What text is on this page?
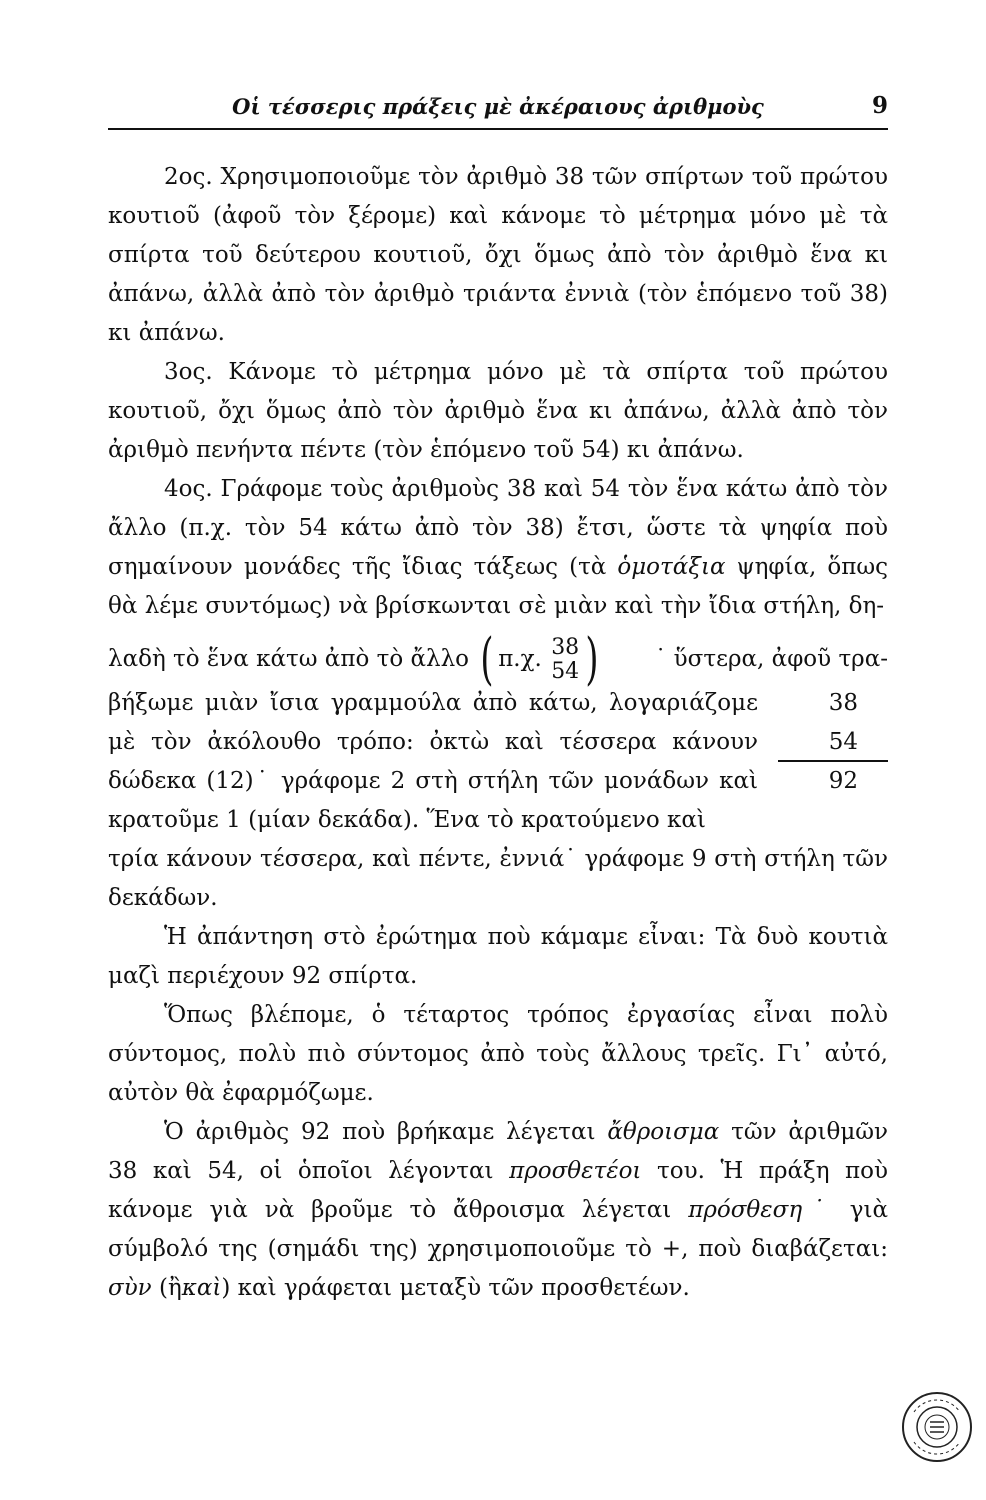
Οἱ τέσσερις πράξεις μὲ ἀκέραιους ἀριθμοὺς	9

2ος. Χρησιμοποιοῦμε τὸν ἀριθμὸ 38 τῶν σπίρτων τοῦ πρώτου κουτιοῦ (ἀφοῦ τὸν ξέρομε) καὶ κάνομε τὸ μέτρημα μόνο μὲ τὰ σπίρτα τοῦ δεύτερου κουτιοῦ, ὄχι ὅμως ἀπὸ τὸν ἀριθμὸ ἕνα κι ἀπάνω, ἀλλὰ ἀπὸ τὸν ἀριθμὸ τριάντα ἐννιὰ (τὸν ἑπόμενο τοῦ 38) κι ἀπάνω.

3ος. Κάνομε τὸ μέτρημα μόνο μὲ τὰ σπίρτα τοῦ πρώτου κουτιοῦ, ὄχι ὅμως ἀπὸ τὸν ἀριθμὸ ἕνα κι ἀπάνω, ἀλλὰ ἀπὸ τὸν ἀριθμὸ πενήντα πέντε (τὸν ἑπόμενο τοῦ 54) κι ἀπάνω.

4ος. Γράφομε τοὺς ἀριθμοὺς 38 καὶ 54 τὸν ἕνα κάτω ἀπὸ τὸν ἄλλο (π.χ. τὸν 54 κάτω ἀπὸ τὸν 38) ἔτσι, ὥστε τὰ ψηφία ποὺ σημαίνουν μονάδες τῆς ἴδιας τάξεως (τὰ ὁμοτάξια ψηφία, ὅπως θὰ λέμε συντόμως) νὰ βρίσκωνται σὲ μιὰν καὶ τὴν ἴδια στήλη, δη-

λαδὴ τὸ ἕνα κάτω ἀπὸ τὸ ἄλλο ( π.χ. 38
54 ) ˙ ὕστερα, ἀφοῦ τρα-

βήξωμε μιὰν ἴσια γραμμούλα ἀπὸ κάτω, λογαριάζομε μὲ τὸν ἀκόλουθο τρόπο: ὀκτὼ καὶ τέσσερα κάνουν δώδεκα (12)˙ γράφομε 2 στὴ στήλη τῶν μονάδων καὶ κρατοῦμε 1 (μίαν δεκάδα). Ἕνα τὸ κρατούμενο καὶ

38
54
92

τρία κάνουν τέσσερα, καὶ πέντε, ἐννιά˙ γράφομε 9 στὴ στήλη τῶν δεκάδων.

Ἡ ἀπάντηση στὸ ἐρώτημα ποὺ κάμαμε εἶναι: Τὰ δυὸ κουτιὰ μαζὶ περιέχουν 92 σπίρτα.

Ὅπως βλέπομε, ὁ τέταρτος τρόπος ἐργασίας εἶναι πολὺ σύντομος, πολὺ πιὸ σύντομος ἀπὸ τοὺς ἄλλους τρεῖς. Γι᾽ αὐτό, αὐτὸν θὰ ἐφαρμόζωμε.

Ὁ ἀριθμὸς 92 ποὺ βρήκαμε λέγεται ἄθροισμα τῶν ἀριθμῶν 38 καὶ 54, οἱ ὁποῖοι λέγονται προσθετέοι του. Ἡ πράξη ποὺ κάνομε γιὰ νὰ βροῦμε τὸ ἄθροισμα λέγεται πρόσθεση˙ γιὰ σύμβολό της (σημάδι της) χρησιμοποιοῦμε τὸ +, ποὺ διαβάζεται: σὺν (ἢκαὶ) καὶ γράφεται μεταξὺ τῶν προσθετέων.
